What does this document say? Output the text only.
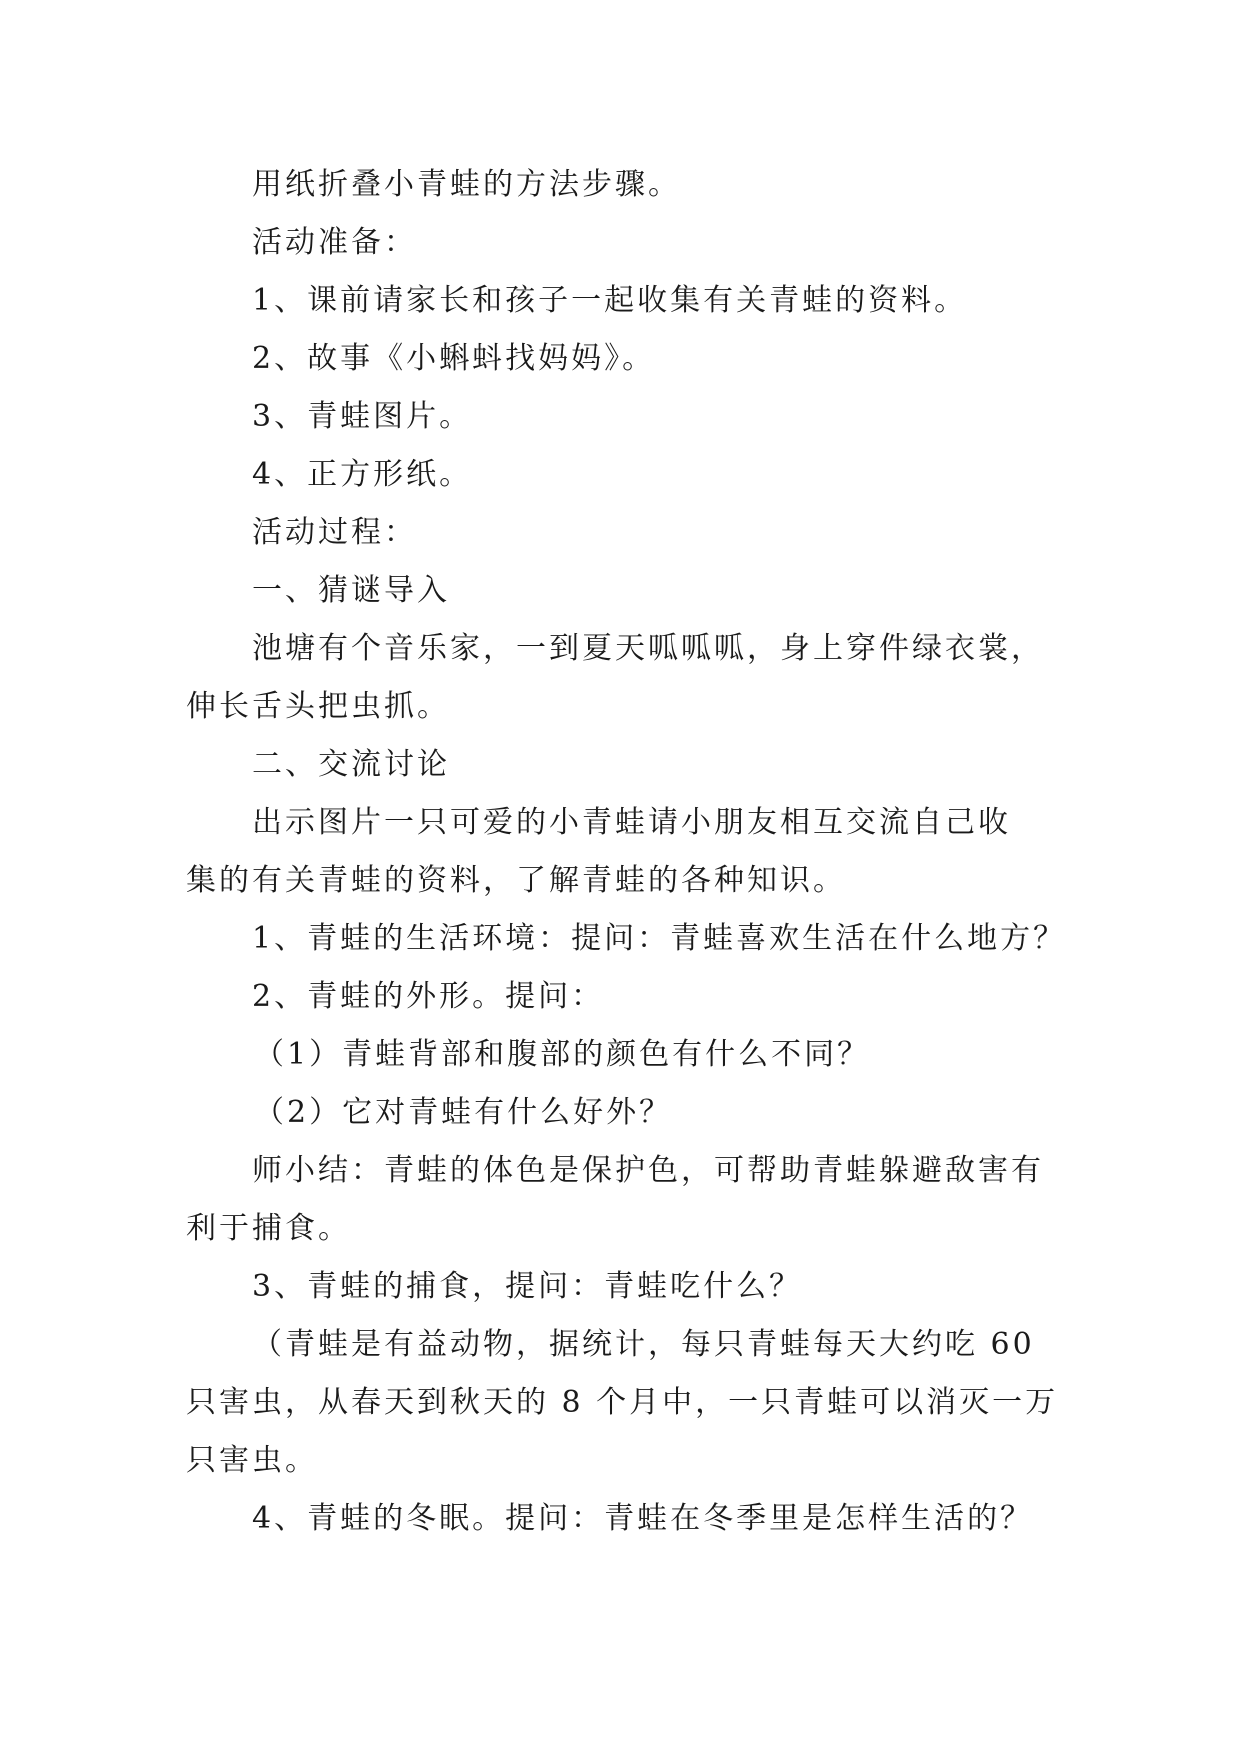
用纸折叠小青蛙的方法步骤。

活动准备：

1、课前请家长和孩子一起收集有关青蛙的资料。

2、故事《小蝌蚪找妈妈》。

3、青蛙图片。

4、正方形纸。

活动过程：

一、猜谜导入

池塘有个音乐家，一到夏天呱呱呱，身上穿件绿衣裳，

伸长舌头把虫抓。

二、交流讨论

出示图片一只可爱的小青蛙请小朋友相互交流自己收

集的有关青蛙的资料，了解青蛙的各种知识。

1、青蛙的生活环境：提问：青蛙喜欢生活在什么地方？

2、青蛙的外形。提问：

（1）青蛙背部和腹部的颜色有什么不同？

（2）它对青蛙有什么好外？

师小结：青蛙的体色是保护色，可帮助青蛙躲避敌害有

利于捕食。

3、青蛙的捕食，提问：青蛙吃什么？

（青蛙是有益动物，据统计，每只青蛙每天大约吃 60

只害虫，从春天到秋天的 8 个月中，一只青蛙可以消灭一万

只害虫。

4、青蛙的冬眠。提问：青蛙在冬季里是怎样生活的？
